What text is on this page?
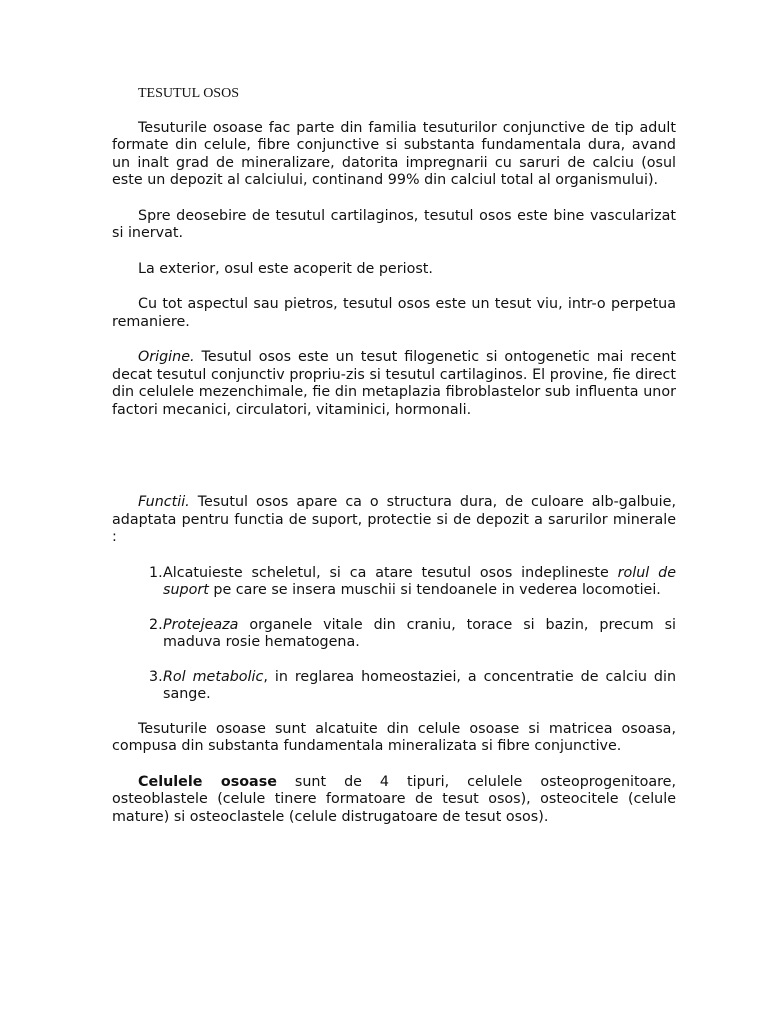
TESUTUL OSOS

Tesuturile osoase fac parte din familia tesuturilor conjunctive de tip adult formate din celule, fibre conjunctive si substanta fundamentala dura, avand un inalt grad de mineralizare, datorita impregnarii cu saruri de calciu (osul este un depozit al calciului, continand 99% din calciul total al organismului).

Spre deosebire de tesutul cartilaginos, tesutul osos este bine vascularizat si inervat.

La exterior, osul este acoperit de periost.

Cu tot aspectul sau pietros, tesutul osos este un tesut viu, intr-o perpetua remaniere.

Origine. Tesutul osos este un tesut filogenetic si ontogenetic mai recent decat tesutul conjunctiv propriu-zis si tesutul cartilaginos. El provine, fie direct din celulele mezenchimale, fie din metaplazia fibroblastelor sub influenta unor factori mecanici, circulatori, vitaminici, hormonali.

Functii. Tesutul osos apare ca o structura dura, de culoare alb-galbuie, adaptata pentru functia de suport, protectie si de depozit a sarurilor minerale :

1. Alcatuieste scheletul, si ca atare tesutul osos indeplineste rolul de suport pe care se insera muschii si tendoanele in vederea locomotiei.
2. Protejeaza organele vitale din craniu, torace si bazin, precum si maduva rosie hematogena.
3. Rol metabolic, in reglarea homeostaziei, a concentratie de calciu din sange.

Tesuturile osoase sunt alcatuite din celule osoase si matricea osoasa, compusa din substanta fundamentala mineralizata si fibre conjunctive.

Celulele osoase sunt de 4 tipuri, celulele osteoprogenitoare, osteoblastele (celule tinere formatoare de tesut osos), osteocitele (celule mature) si osteoclastele (celule distrugatoare de tesut osos).
